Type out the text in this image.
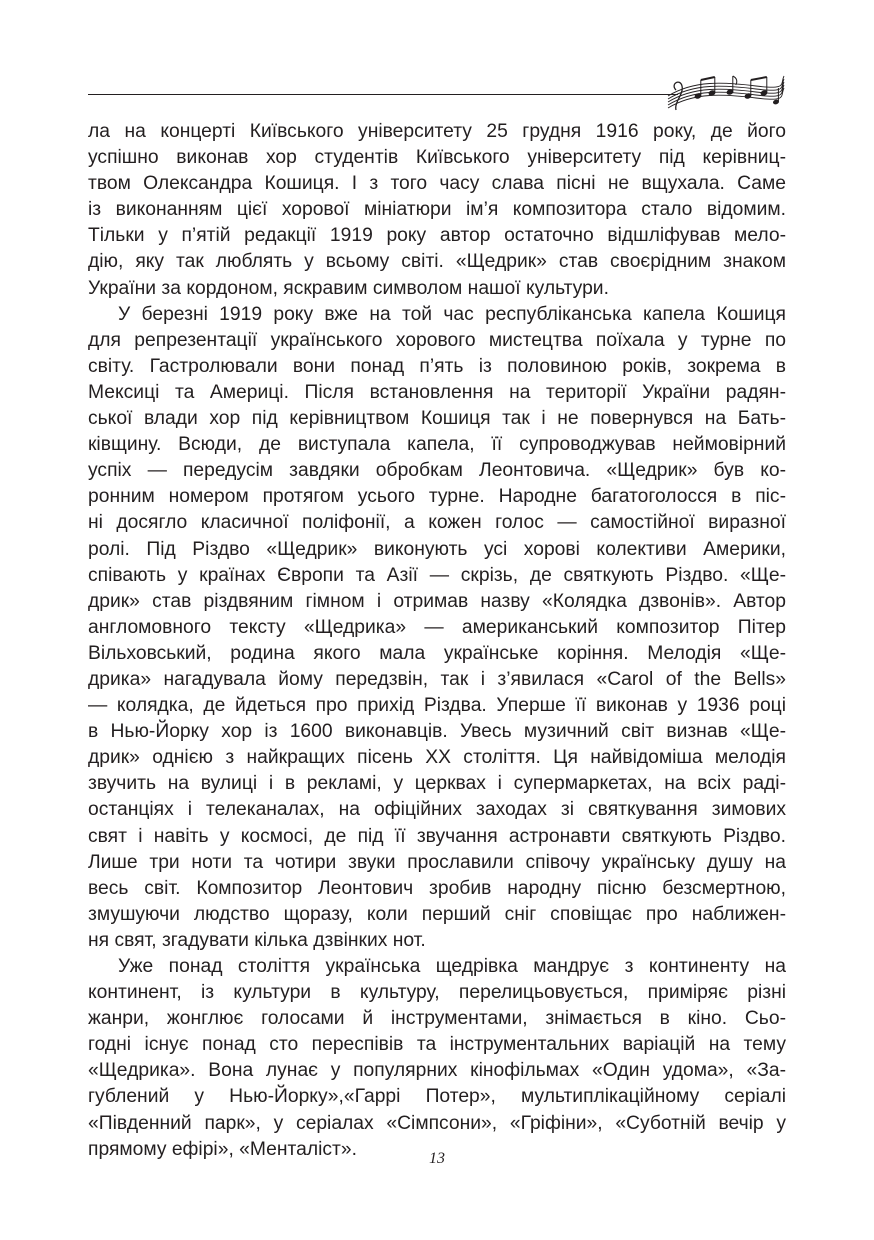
ла на концерті Київського університету 25 грудня 1916 року, де його
успішно виконав хор студентів Київського університету під керівниц-
твом Олександра Кошиця. І з того часу слава пісні не вщухала. Саме
із виконанням цієї хорової мініатюри ім’я композитора стало відомим.
Тільки у п’ятій редакції 1919 року автор остаточно відшліфував мело-
дію, яку так люблять у всьому світі. «Щедрик» став своєрідним знаком
України за кордоном, яскравим символом нашої культури.
У березні 1919 року вже на той час республіканська капела Кошиця
для репрезентації українського хорового мистецтва поїхала у турне по
світу. Гастролювали вони понад п’ять із половиною років, зокрема в
Мексиці та Америці. Після встановлення на території України радян-
ської влади хор під керівництвом Кошиця так і не повернувся на Бать-
ківщину. Всюди, де виступала капела, її супроводжував неймовірний
успіх — передусім завдяки обробкам Леонтовича. «Щедрик» був ко-
ронним номером протягом усього турне. Народне багатоголосся в піс-
ні досягло класичної поліфонії, а кожен голос — самостійної виразної
ролі. Під Різдво «Щедрик» виконують усі хорові колективи Америки,
співають у країнах Європи та Азії — скрізь, де святкують Різдво. «Ще-
дрик» став різдвяним гімном і отримав назву «Колядка дзвонів». Автор
англомовного тексту «Щедрика» — американський композитор Пітер
Вільховський, родина якого мала українське коріння. Мелодія «Ще-
дрика» нагадувала йому передзвін, так і з’явилася «Carol of the Bells»
— колядка, де йдеться про прихід Різдва. Уперше її виконав у 1936 році
в Нью-Йорку хор із 1600 виконавців. Увесь музичний світ визнав «Ще-
дрик» однією з найкращих пісень ХХ століття. Ця найвідоміша мелодія
звучить на вулиці і в рекламі, у церквах і супермаркетах, на всіх раді-
останціях і телеканалах, на офіційних заходах зі святкування зимових
свят і навіть у космосі, де під її звучання астронавти святкують Різдво.
Лише три ноти та чотири звуки прославили співочу українську душу на
весь світ. Композитор Леонтович зробив народну пісню безсмертною,
змушуючи людство щоразу, коли перший сніг сповіщає про наближен-
ня свят, згадувати кілька дзвінких нот.
Уже понад століття українська щедрівка мандрує з континенту на
континент, із культури в культуру, перелицьовується, приміряє різні
жанри, жонглює голосами й інструментами, знімається в кіно. Сьо-
годні існує понад сто переспівів та інструментальних варіацій на тему
«Щедрика». Вона лунає у популярних кінофільмах «Один удома», «За-
гублений у Нью-Йорку»,«Гаррі Потер», мультиплікаційному серіалі
«Південний парк», у серіалах «Сімпсони», «Гріфіни», «Суботній вечір у
прямому ефірі», «Менталіст».	13
